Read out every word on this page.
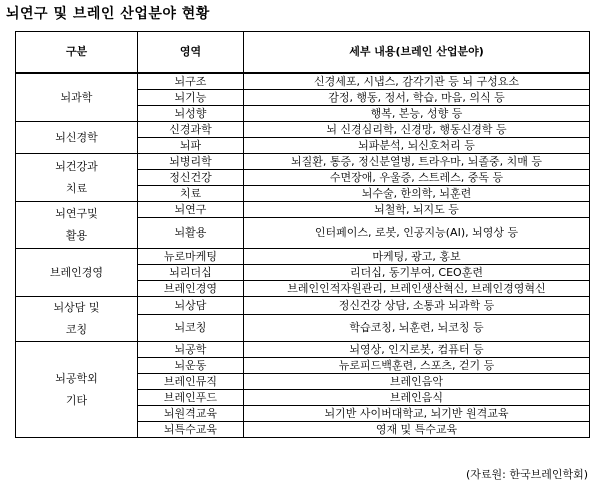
뇌연구 및 브레인 산업분야 현황
구분	영역	세부 내용(브레인 산업분야)
뇌과학	뇌구조	신경세포, 시냅스, 감각기관 등 뇌 구성요소
	뇌기능	감정, 행동, 정서, 학습, 마음, 의식 등
	뇌성향	행복, 본능, 성향 등
뇌신경학	신경과학	뇌 신경심리학, 신경망, 행동신경학 등
	뇌파	뇌파분석, 뇌신호처리 등
뇌건강과
치료	뇌병리학	뇌질환, 통증, 정신분열병, 트라우마, 뇌졸중, 치매 등
	정신건강	수면장애, 우울증, 스트레스, 중독 등
	치료	뇌수술, 한의학, 뇌훈련
뇌연구및
활용	뇌연구	뇌철학, 뇌지도 등
	뇌활용	인터페이스, 로봇, 인공지능(AI), 뇌영상 등
브레인경영	뉴로마케팅	마케팅, 광고, 홍보
	뇌리더십	리더십, 동기부여, CEO훈련
	브레인경영	브레인인적자원관리, 브레인생산혁신, 브레인경영혁신
뇌상담 및
코칭	뇌상담	정신건강 상담, 소통과 뇌과학 등
	뇌코칭	학습코칭, 뇌훈련, 뇌코칭 등
뇌공학외
기타	뇌공학	뇌영상, 인지로봇, 컴퓨터 등
	뇌운동	뉴로피드백훈련, 스포츠, 걷기 등
	브레인뮤직	브레인음악
	브레인푸드	브레인음식
	뇌원격교육	뇌기반 사이버대학교, 뇌기반 원격교육
	뇌특수교육	영재 및 특수교육
(자료원: 한국브레인학회)
